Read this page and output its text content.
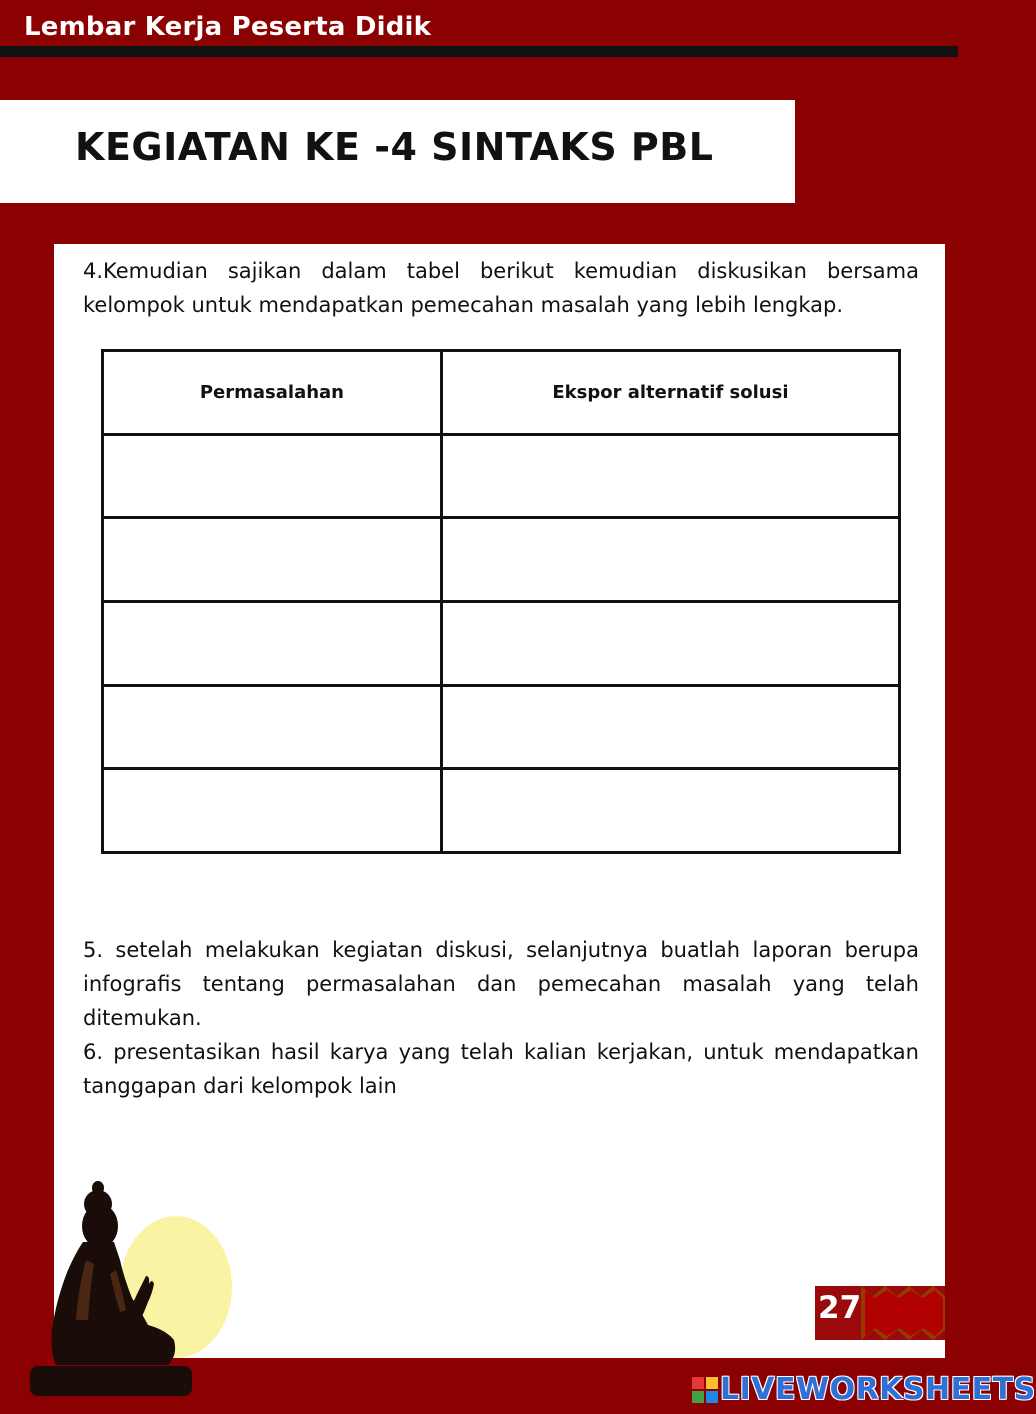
Lembar Kerja Peserta Didik
KEGIATAN KE -4 SINTAKS PBL
4.Kemudian sajikan dalam tabel berikut kemudian diskusikan bersama kelompok untuk mendapatkan pemecahan masalah yang lebih lengkap.
Permasalahan	Ekspor alternatif solusi

5. setelah melakukan kegiatan diskusi, selanjutnya buatlah laporan berupa infografis tentang permasalahan dan pemecahan masalah yang telah ditemukan.
6. presentasikan hasil karya yang telah kalian kerjakan, untuk mendapatkan tanggapan dari kelompok lain
27
LIVEWORKSHEETS
